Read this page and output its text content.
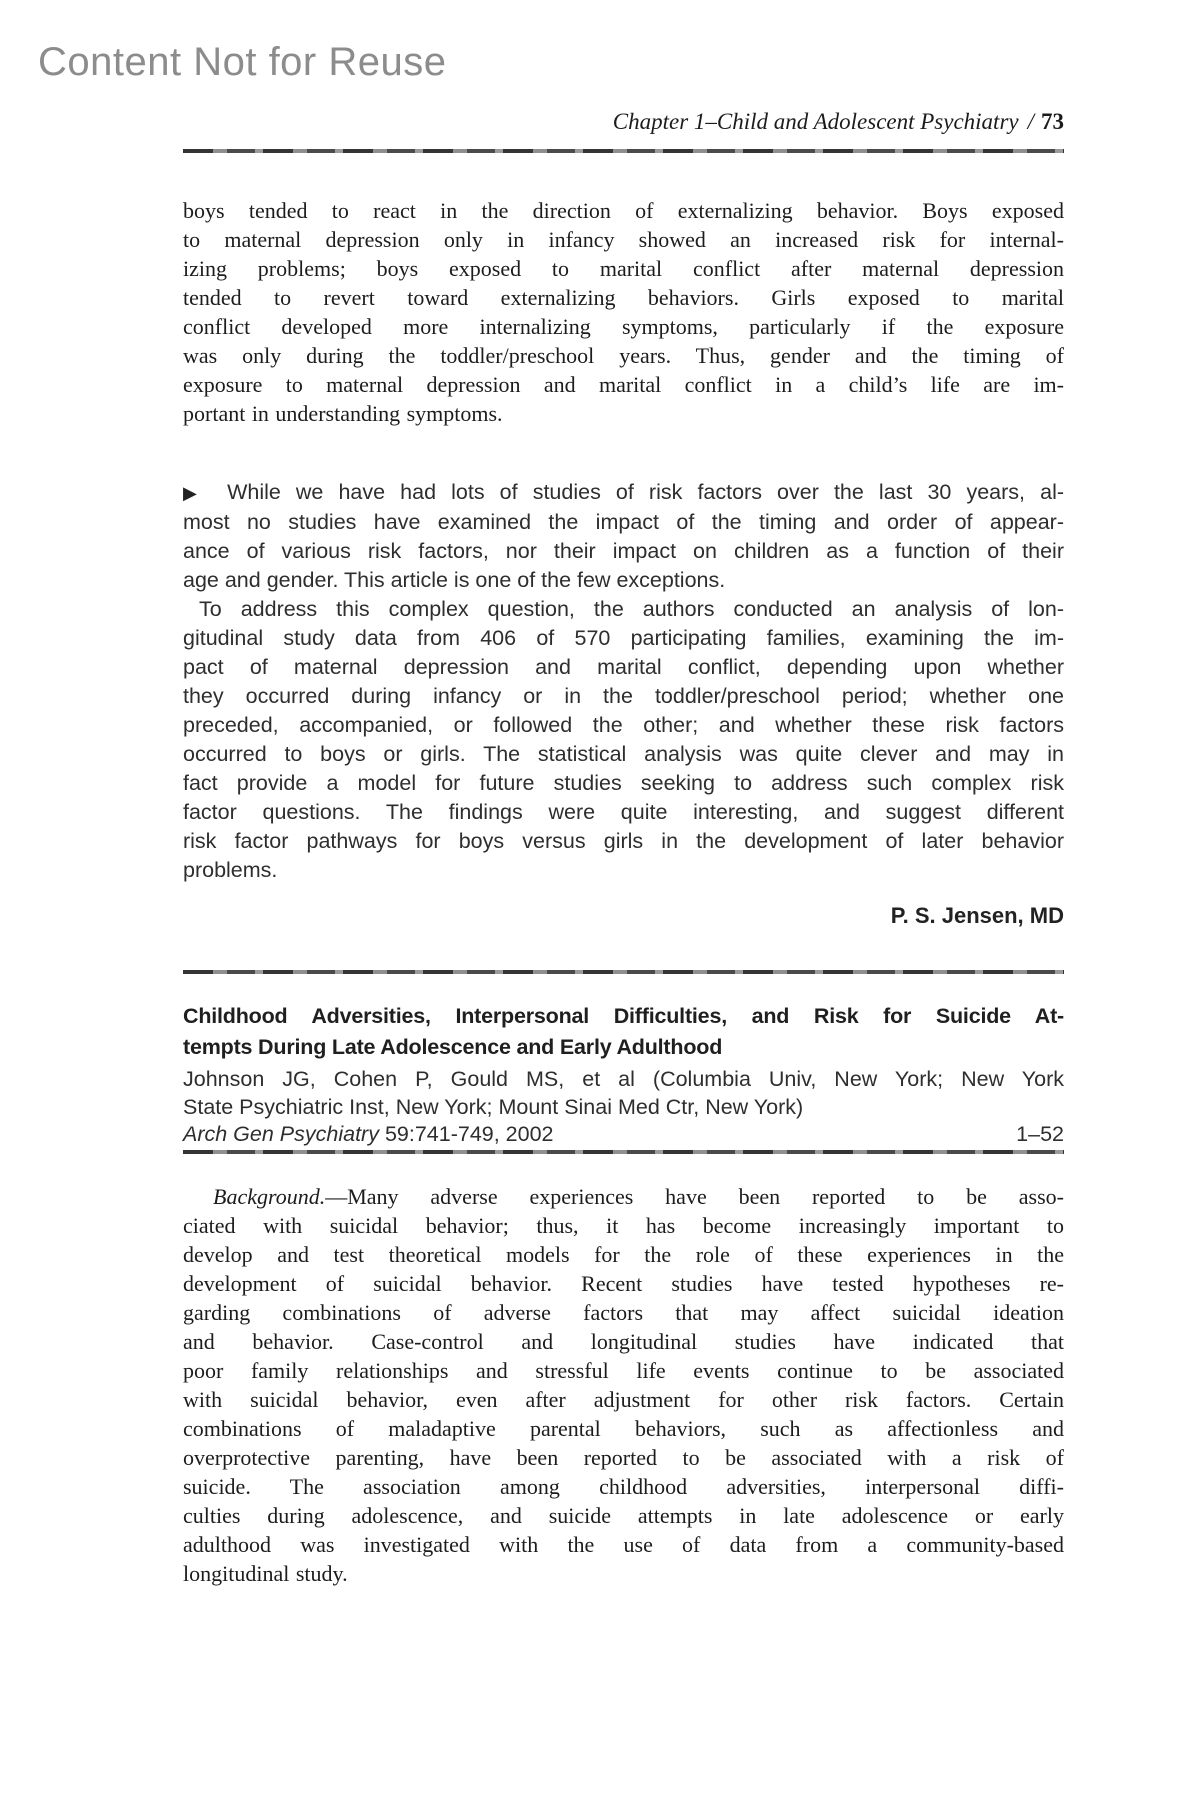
Content Not for Reuse
Chapter 1–Child and Adolescent Psychiatry / 73
boys tended to react in the direction of externalizing behavior. Boys exposed
to maternal depression only in infancy showed an increased risk for internal-
izing problems; boys exposed to marital conflict after maternal depression
tended to revert toward externalizing behaviors. Girls exposed to marital
conflict developed more internalizing symptoms, particularly if the exposure
was only during the toddler/preschool years. Thus, gender and the timing of
exposure to maternal depression and marital conflict in a child’s life are im-
portant in understanding symptoms.
▶ While we have had lots of studies of risk factors over the last 30 years, al-
most no studies have examined the impact of the timing and order of appear-
ance of various risk factors, nor their impact on children as a function of their
age and gender. This article is one of the few exceptions.
To address this complex question, the authors conducted an analysis of lon-
gitudinal study data from 406 of 570 participating families, examining the im-
pact of maternal depression and marital conflict, depending upon whether
they occurred during infancy or in the toddler/preschool period; whether one
preceded, accompanied, or followed the other; and whether these risk factors
occurred to boys or girls. The statistical analysis was quite clever and may in
fact provide a model for future studies seeking to address such complex risk
factor questions. The findings were quite interesting, and suggest different
risk factor pathways for boys versus girls in the development of later behavior
problems.
P. S. Jensen, MD
Childhood Adversities, Interpersonal Difficulties, and Risk for Suicide At-
tempts During Late Adolescence and Early Adulthood
Johnson JG, Cohen P, Gould MS, et al (Columbia Univ, New York; New York
State Psychiatric Inst, New York; Mount Sinai Med Ctr, New York)
Arch Gen Psychiatry 59:741-749, 2002	1–52
Background.—Many adverse experiences have been reported to be asso-
ciated with suicidal behavior; thus, it has become increasingly important to
develop and test theoretical models for the role of these experiences in the
development of suicidal behavior. Recent studies have tested hypotheses re-
garding combinations of adverse factors that may affect suicidal ideation
and behavior. Case-control and longitudinal studies have indicated that
poor family relationships and stressful life events continue to be associated
with suicidal behavior, even after adjustment for other risk factors. Certain
combinations of maladaptive parental behaviors, such as affectionless and
overprotective parenting, have been reported to be associated with a risk of
suicide. The association among childhood adversities, interpersonal diffi-
culties during adolescence, and suicide attempts in late adolescence or early
adulthood was investigated with the use of data from a community-based
longitudinal study.
